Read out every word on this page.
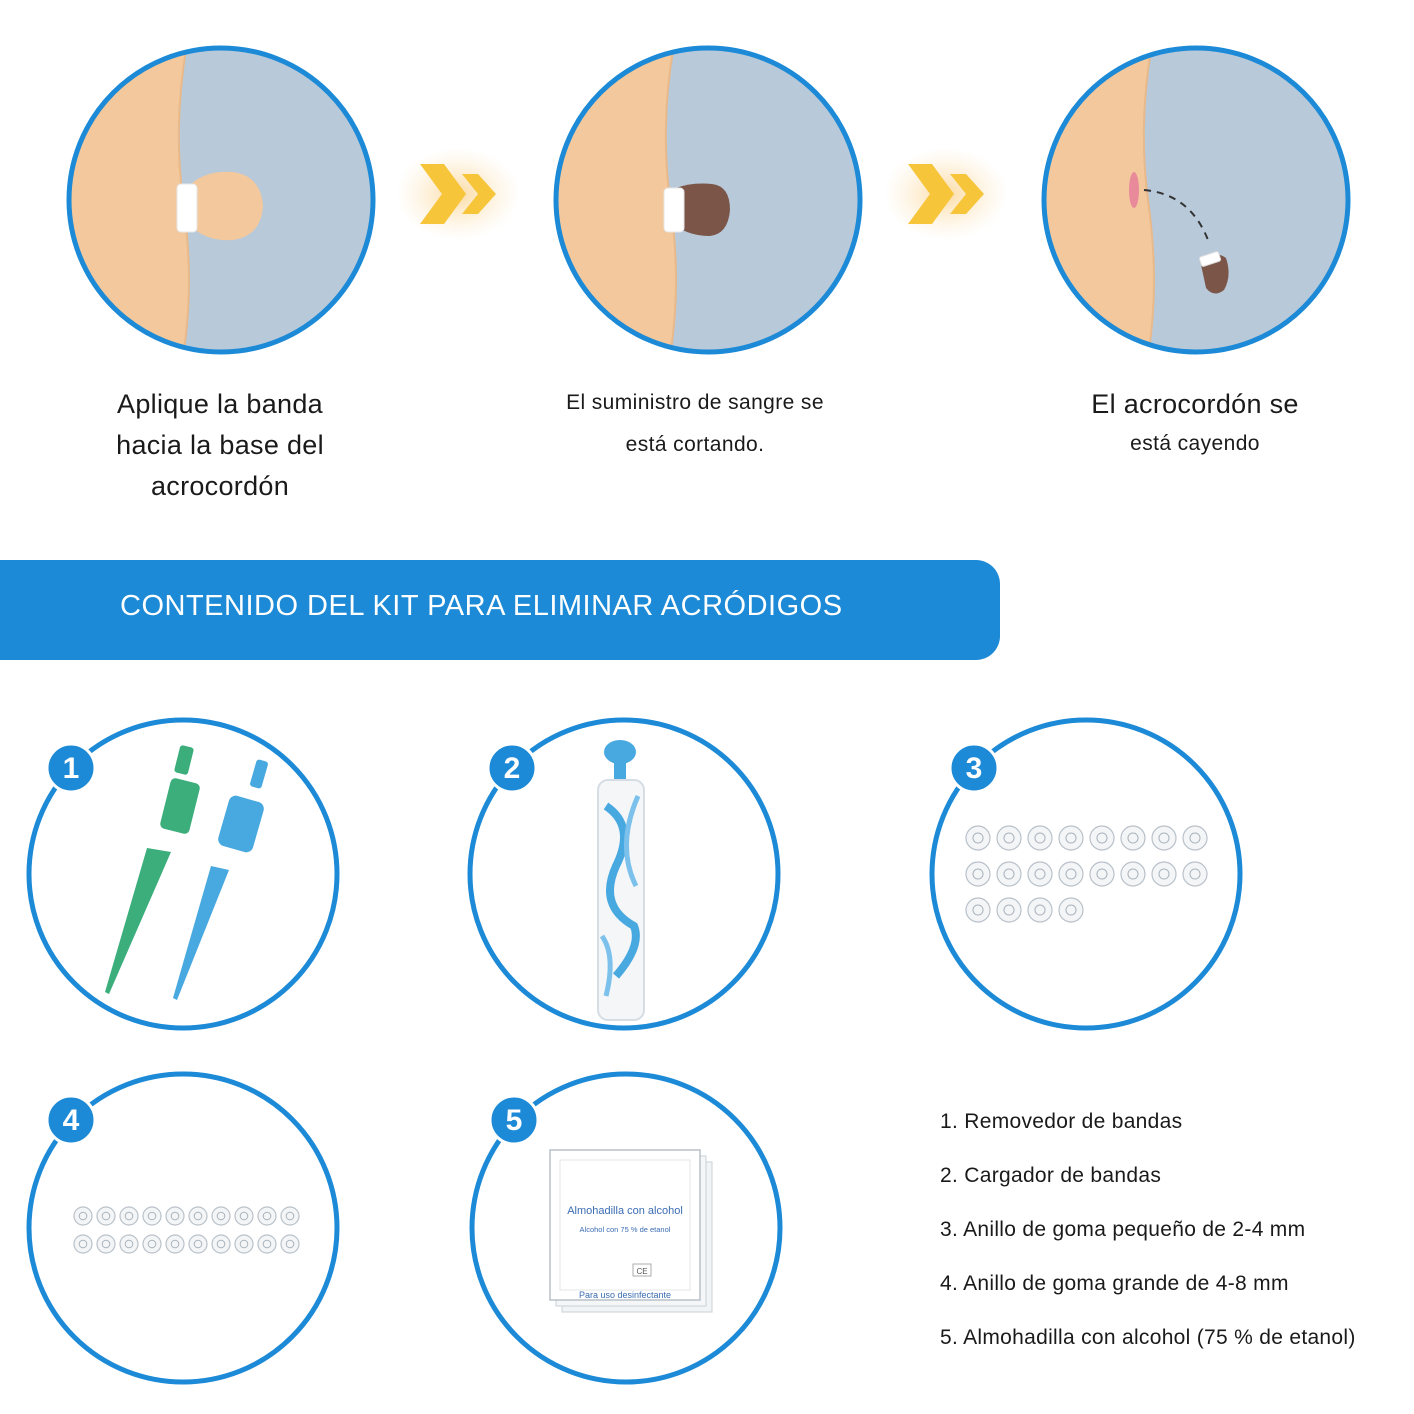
Aplique la banda
hacia la base del
acrocordón
El suministro de sangre se
está cortando.
El acrocordón se
está cayendo
CONTENIDO DEL KIT PARA ELIMINAR ACRÓDIGOS
1	2	3
4
Almohadilla con alcohol
Alcohol con 75 % de etanol
CE
Para uso desinfectante
5	1. Removedor de bandas
2. Cargador de bandas
3. Anillo de goma pequeño de 2-4 mm
4. Anillo de goma grande de 4-8 mm
5. Almohadilla con alcohol (75 % de etanol)
